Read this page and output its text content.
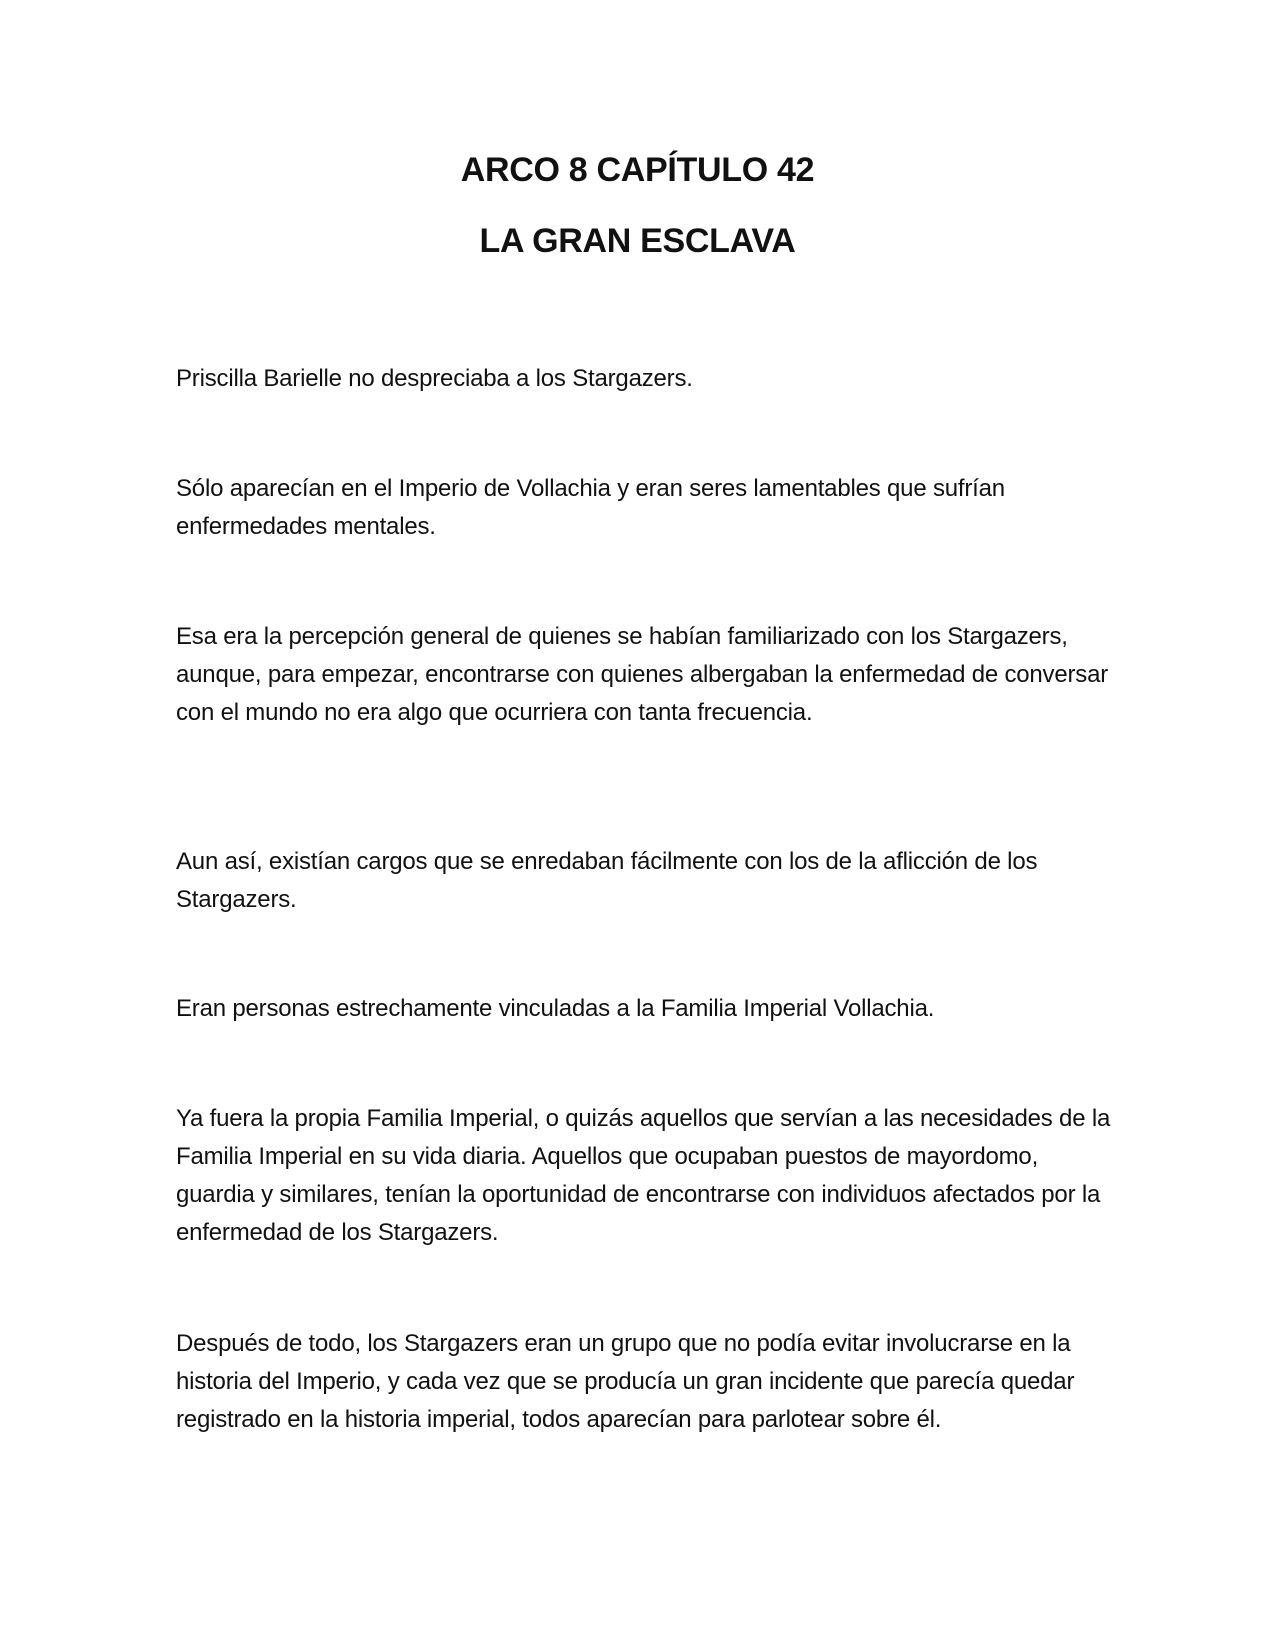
ARCO 8 CAPÍTULO 42

LA GRAN ESCLAVA

Priscilla Barielle no despreciaba a los Stargazers.

Sólo aparecían en el Imperio de Vollachia y eran seres lamentables que sufrían enfermedades mentales.

Esa era la percepción general de quienes se habían familiarizado con los Stargazers, aunque, para empezar, encontrarse con quienes albergaban la enfermedad de conversar con el mundo no era algo que ocurriera con tanta frecuencia.

Aun así, existían cargos que se enredaban fácilmente con los de la aflicción de los Stargazers.

Eran personas estrechamente vinculadas a la Familia Imperial Vollachia.

Ya fuera la propia Familia Imperial, o quizás aquellos que servían a las necesidades de la Familia Imperial en su vida diaria. Aquellos que ocupaban puestos de mayordomo, guardia y similares, tenían la oportunidad de encontrarse con individuos afectados por la enfermedad de los Stargazers.

Después de todo, los Stargazers eran un grupo que no podía evitar involucrarse en la historia del Imperio, y cada vez que se producía un gran incidente que parecía quedar registrado en la historia imperial, todos aparecían para parlotear sobre él.
